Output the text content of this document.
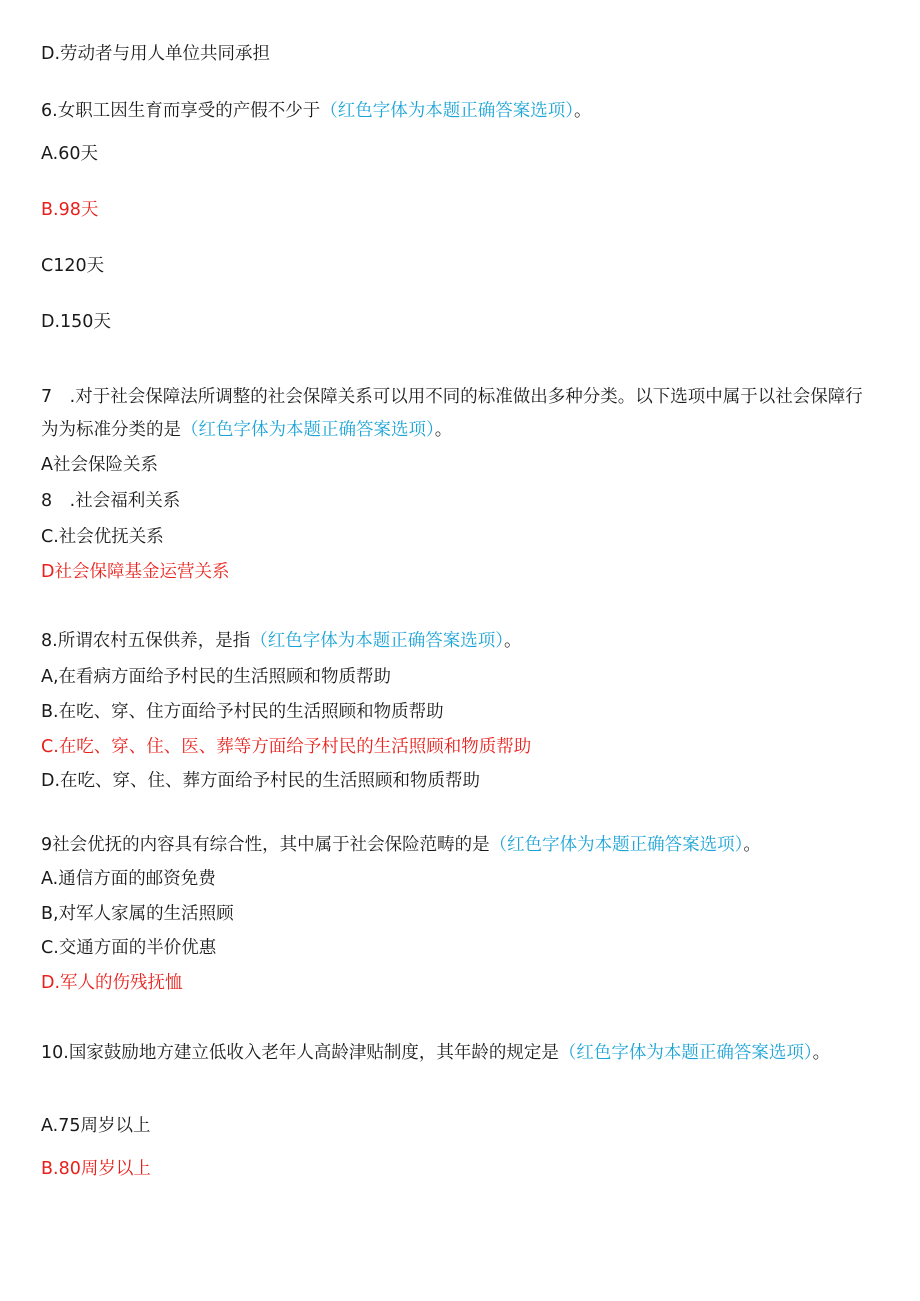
D.劳动者与用人单位共同承担
6.女职工因生育而享受的产假不少于（红色字体为本题正确答案选项）。
A.60天
B.98天
C120天
D.150天
7　.对于社会保障法所调整的社会保障关系可以用不同的标准做出多种分类。以下选项中属于以社会保障行为为标准分类的是（红色字体为本题正确答案选项）。
A社会保险关系
8　.社会福利关系
C.社会优抚关系
D社会保障基金运营关系
8.所谓农村五保供养，是指（红色字体为本题正确答案选项）。
A,在看病方面给予村民的生活照顾和物质帮助
B.在吃、穿、住方面给予村民的生活照顾和物质帮助
C.在吃、穿、住、医、葬等方面给予村民的生活照顾和物质帮助
D.在吃、穿、住、葬方面给予村民的生活照顾和物质帮助
9社会优抚的内容具有综合性，其中属于社会保险范畴的是（红色字体为本题正确答案选项）。
A.通信方面的邮资免费
B,对军人家属的生活照顾
C.交通方面的半价优惠
D.军人的伤残抚恤
10.国家鼓励地方建立低收入老年人高龄津贴制度，其年龄的规定是（红色字体为本题正确答案选项）。
A.75周岁以上
B.80周岁以上
